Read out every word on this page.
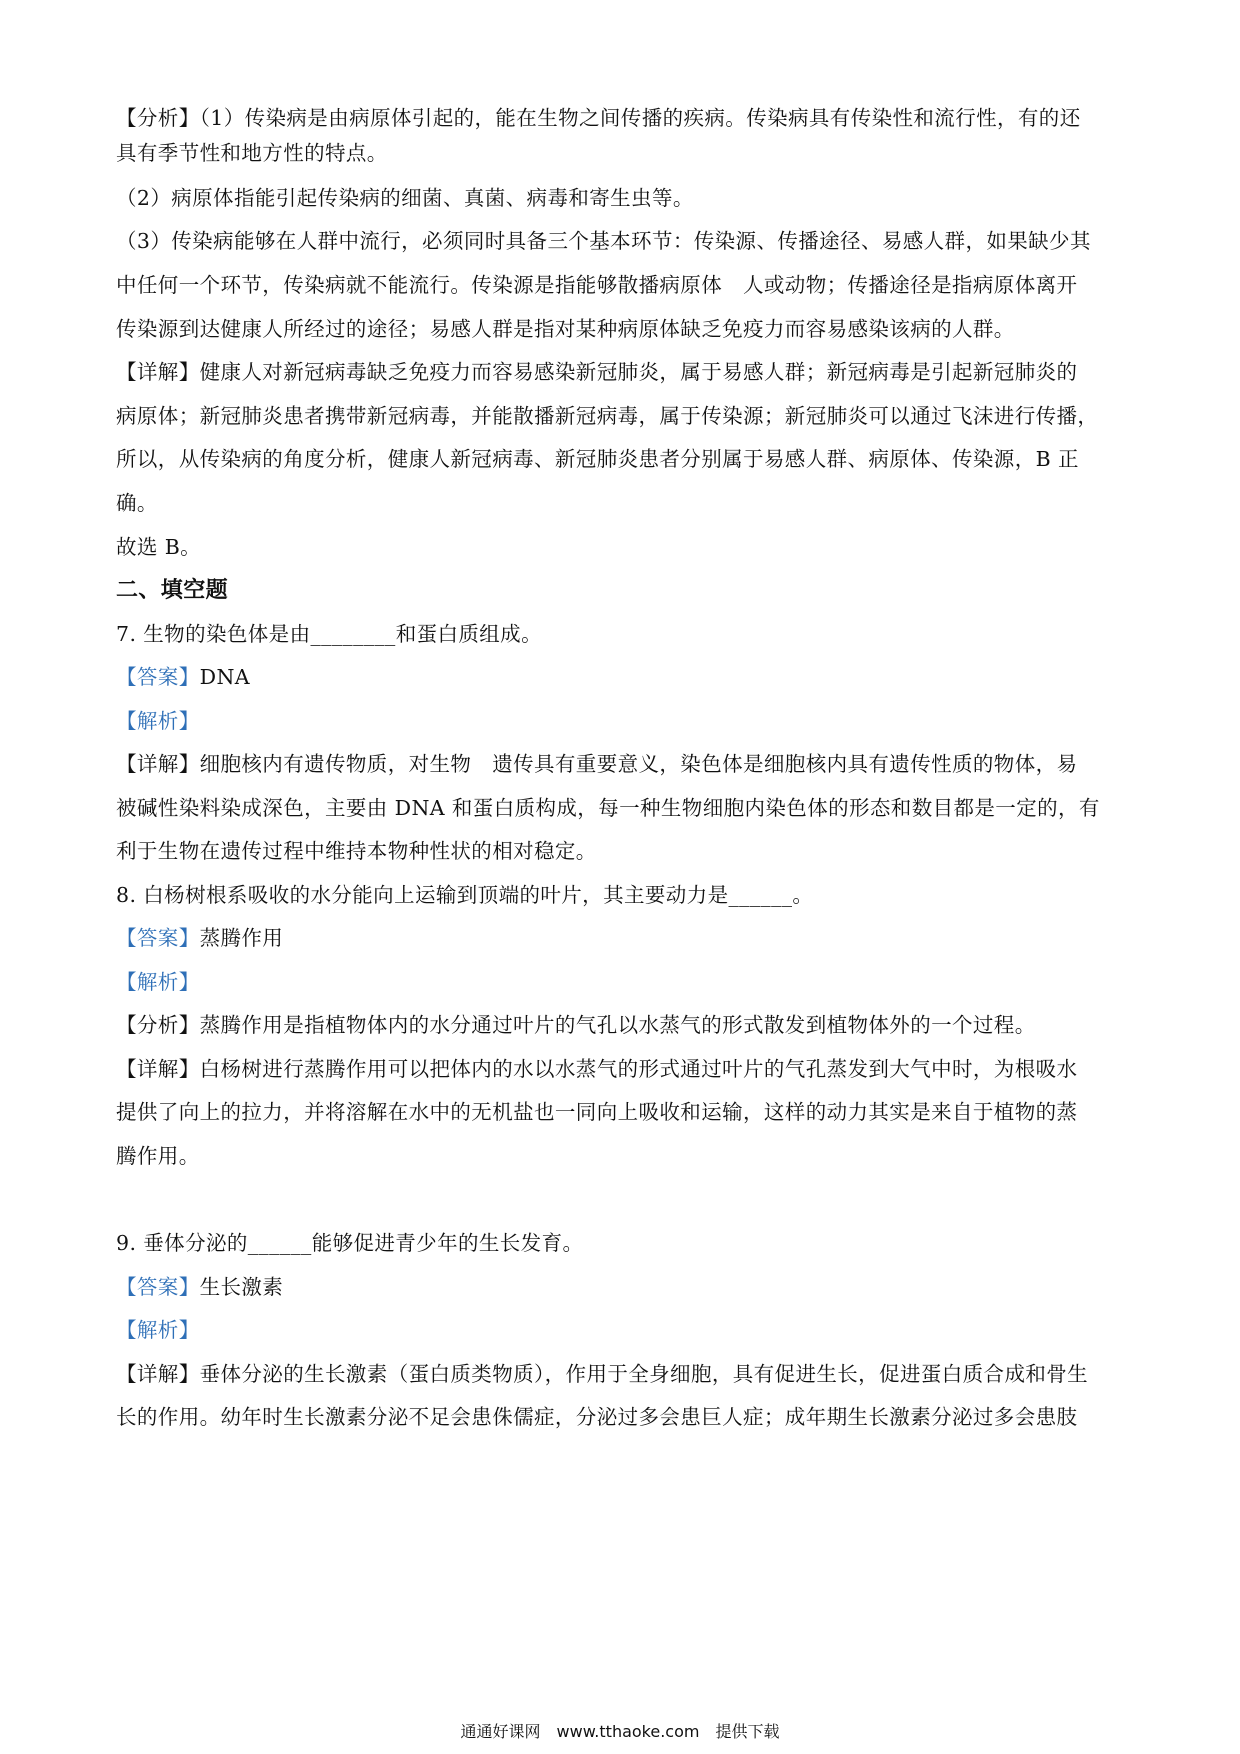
【分析】（1）传染病是由病原体引起的，能在生物之间传播的疾病。传染病具有传染性和流行性，有的还
具有季节性和地方性的特点。
（2）病原体指能引起传染病的细菌、真菌、病毒和寄生虫等。
（3）传染病能够在人群中流行，必须同时具备三个基本环节：传染源、传播途径、易感人群，如果缺少其
中任何一个环节，传染病就不能流行。传染源是指能够散播病原体　人或动物；传播途径是指病原体离开
传染源到达健康人所经过的途径；易感人群是指对某种病原体缺乏免疫力而容易感染该病的人群。
【详解】健康人对新冠病毒缺乏免疫力而容易感染新冠肺炎，属于易感人群；新冠病毒是引起新冠肺炎的
病原体；新冠肺炎患者携带新冠病毒，并能散播新冠病毒，属于传染源；新冠肺炎可以通过飞沫进行传播，
所以，从传染病的角度分析，健康人新冠病毒、新冠肺炎患者分别属于易感人群、病原体、传染源，B 正
确。
故选 B。
二、填空题
7. 生物的染色体是由________和蛋白质组成。
【答案】DNA
【解析】
【详解】细胞核内有遗传物质，对生物　遗传具有重要意义，染色体是细胞核内具有遗传性质的物体，易
被碱性染料染成深色，主要由 DNA 和蛋白质构成，每一种生物细胞内染色体的形态和数目都是一定的，有
利于生物在遗传过程中维持本物种性状的相对稳定。
8. 白杨树根系吸收的水分能向上运输到顶端的叶片，其主要动力是______。
【答案】蒸腾作用
【解析】
【分析】蒸腾作用是指植物体内的水分通过叶片的气孔以水蒸气的形式散发到植物体外的一个过程。
【详解】白杨树进行蒸腾作用可以把体内的水以水蒸气的形式通过叶片的气孔蒸发到大气中时，为根吸水
提供了向上的拉力，并将溶解在水中的无机盐也一同向上吸收和运输，这样的动力其实是来自于植物的蒸
腾作用。
9. 垂体分泌的______能够促进青少年的生长发育。
【答案】生长激素
【解析】
【详解】垂体分泌的生长激素（蛋白质类物质），作用于全身细胞，具有促进生长，促进蛋白质合成和骨生
长的作用。幼年时生长激素分泌不足会患侏儒症，分泌过多会患巨人症；成年期生长激素分泌过多会患肢
通通好课网　www.tthaoke.com　提供下载
